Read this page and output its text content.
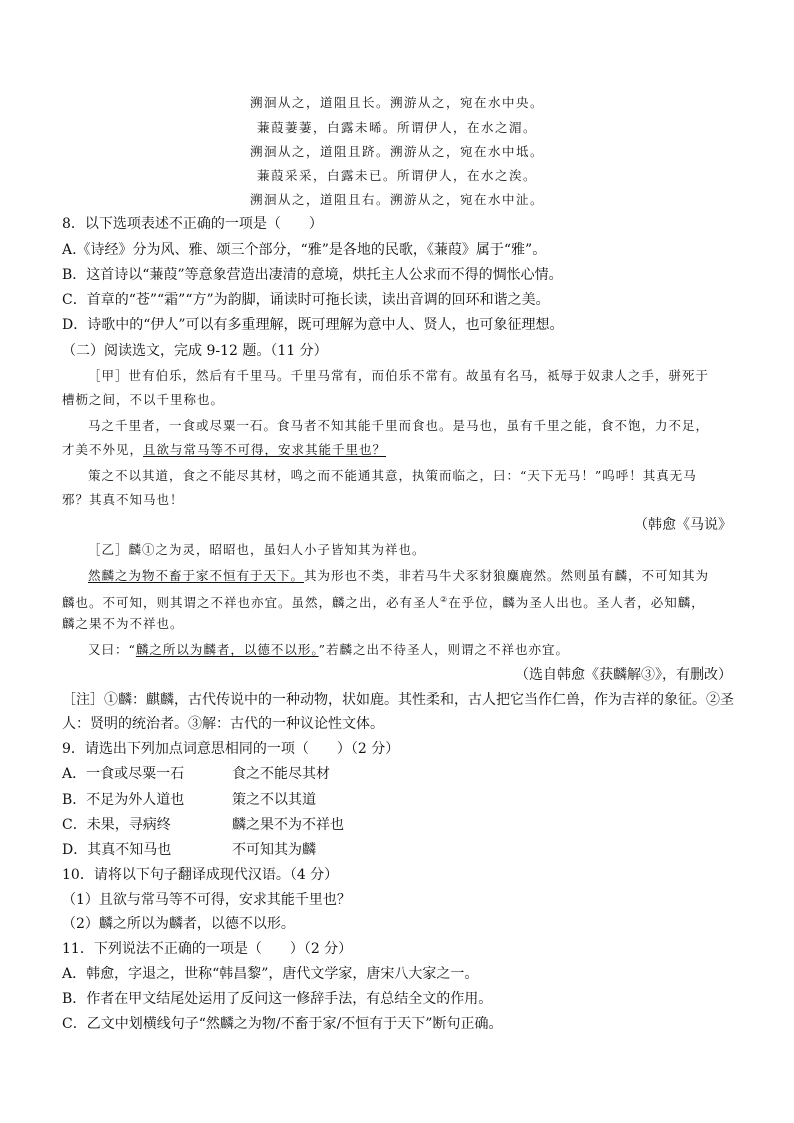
溯洄从之，道阻且长。溯游从之，宛在水中央。
蒹葭萋萋，白露未晞。所谓伊人，在水之湄。
溯洄从之，道阻且跻。溯游从之，宛在水中坻。
蒹葭采采，白露未已。所谓伊人，在水之涘。
溯洄从之，道阻且右。溯游从之，宛在水中沚。
8．以下选项表述不正确的一项是（　　）
A.《诗经》分为风、雅、颂三个部分，“雅”是各地的民歌，《蒹葭》属于“雅”。
B．这首诗以“蒹葭”等意象营造出凄清的意境，烘托主人公求而不得的惆怅心情。
C．首章的“苍”“霜”“方”为韵脚，诵读时可拖长读，读出音调的回环和谐之美。
D．诗歌中的“伊人”可以有多重理解，既可理解为意中人、贤人，也可象征理想。
（二）阅读选文，完成 9-12 题。（11 分）
［甲］世有伯乐，然后有千里马。千里马常有，而伯乐不常有。故虽有名马，祗辱于奴隶人之手，骈死于
槽枥之间，不以千里称也。
马之千里者，一食或尽粟一石。食马者不知其能千里而食也。是马也，虽有千里之能，食不饱，力不足，
才美不外见，且欲与常马等不可得，安求其能千里也？
策之不以其道，食之不能尽其材，鸣之而不能通其意，执策而临之，曰：“天下无马！”呜呼！其真无马
邪？其真不知马也！
（韩愈《马说》
［乙］麟①之为灵，昭昭也，虽妇人小子皆知其为祥也。
然麟之为物不畜于家不恒有于天下。其为形也不类，非若马牛犬豕豺狼麋鹿然。然则虽有麟，不可知其为
麟也。不可知，则其谓之不祥也亦宜。虽然，麟之出，必有圣人②在乎位，麟为圣人出也。圣人者，必知麟，
麟之果不为不祥也。
又曰：“麟之所以为麟者，以德不以形。”若麟之出不待圣人，则谓之不祥也亦宜。
（选自韩愈《获麟解③》，有删改）
［注］①麟：麒麟，古代传说中的一种动物，状如鹿。其性柔和，古人把它当作仁兽，作为吉祥的象征。②圣
人：贤明的统治者。③解：古代的一种议论性文体。
9．请选出下列加点词意思相同的一项（　　）（2 分）
A．一食或尽粟一石	食之不能尽其材
B．不足为外人道也	策之不以其道
C．未果，寻病终	麟之果不为不祥也
D．其真不知马也	不可知其为麟
10．请将以下句子翻译成现代汉语。（4 分）
（1）且欲与常马等不可得，安求其能千里也？
（2）麟之所以为麟者，以德不以形。
11．下列说法不正确的一项是（　　）（2 分）
A．韩愈，字退之，世称“韩昌黎”，唐代文学家，唐宋八大家之一。
B．作者在甲文结尾处运用了反问这一修辞手法，有总结全文的作用。
C．乙文中划横线句子“然麟之为物/不畜于家/不恒有于天下”断句正确。
